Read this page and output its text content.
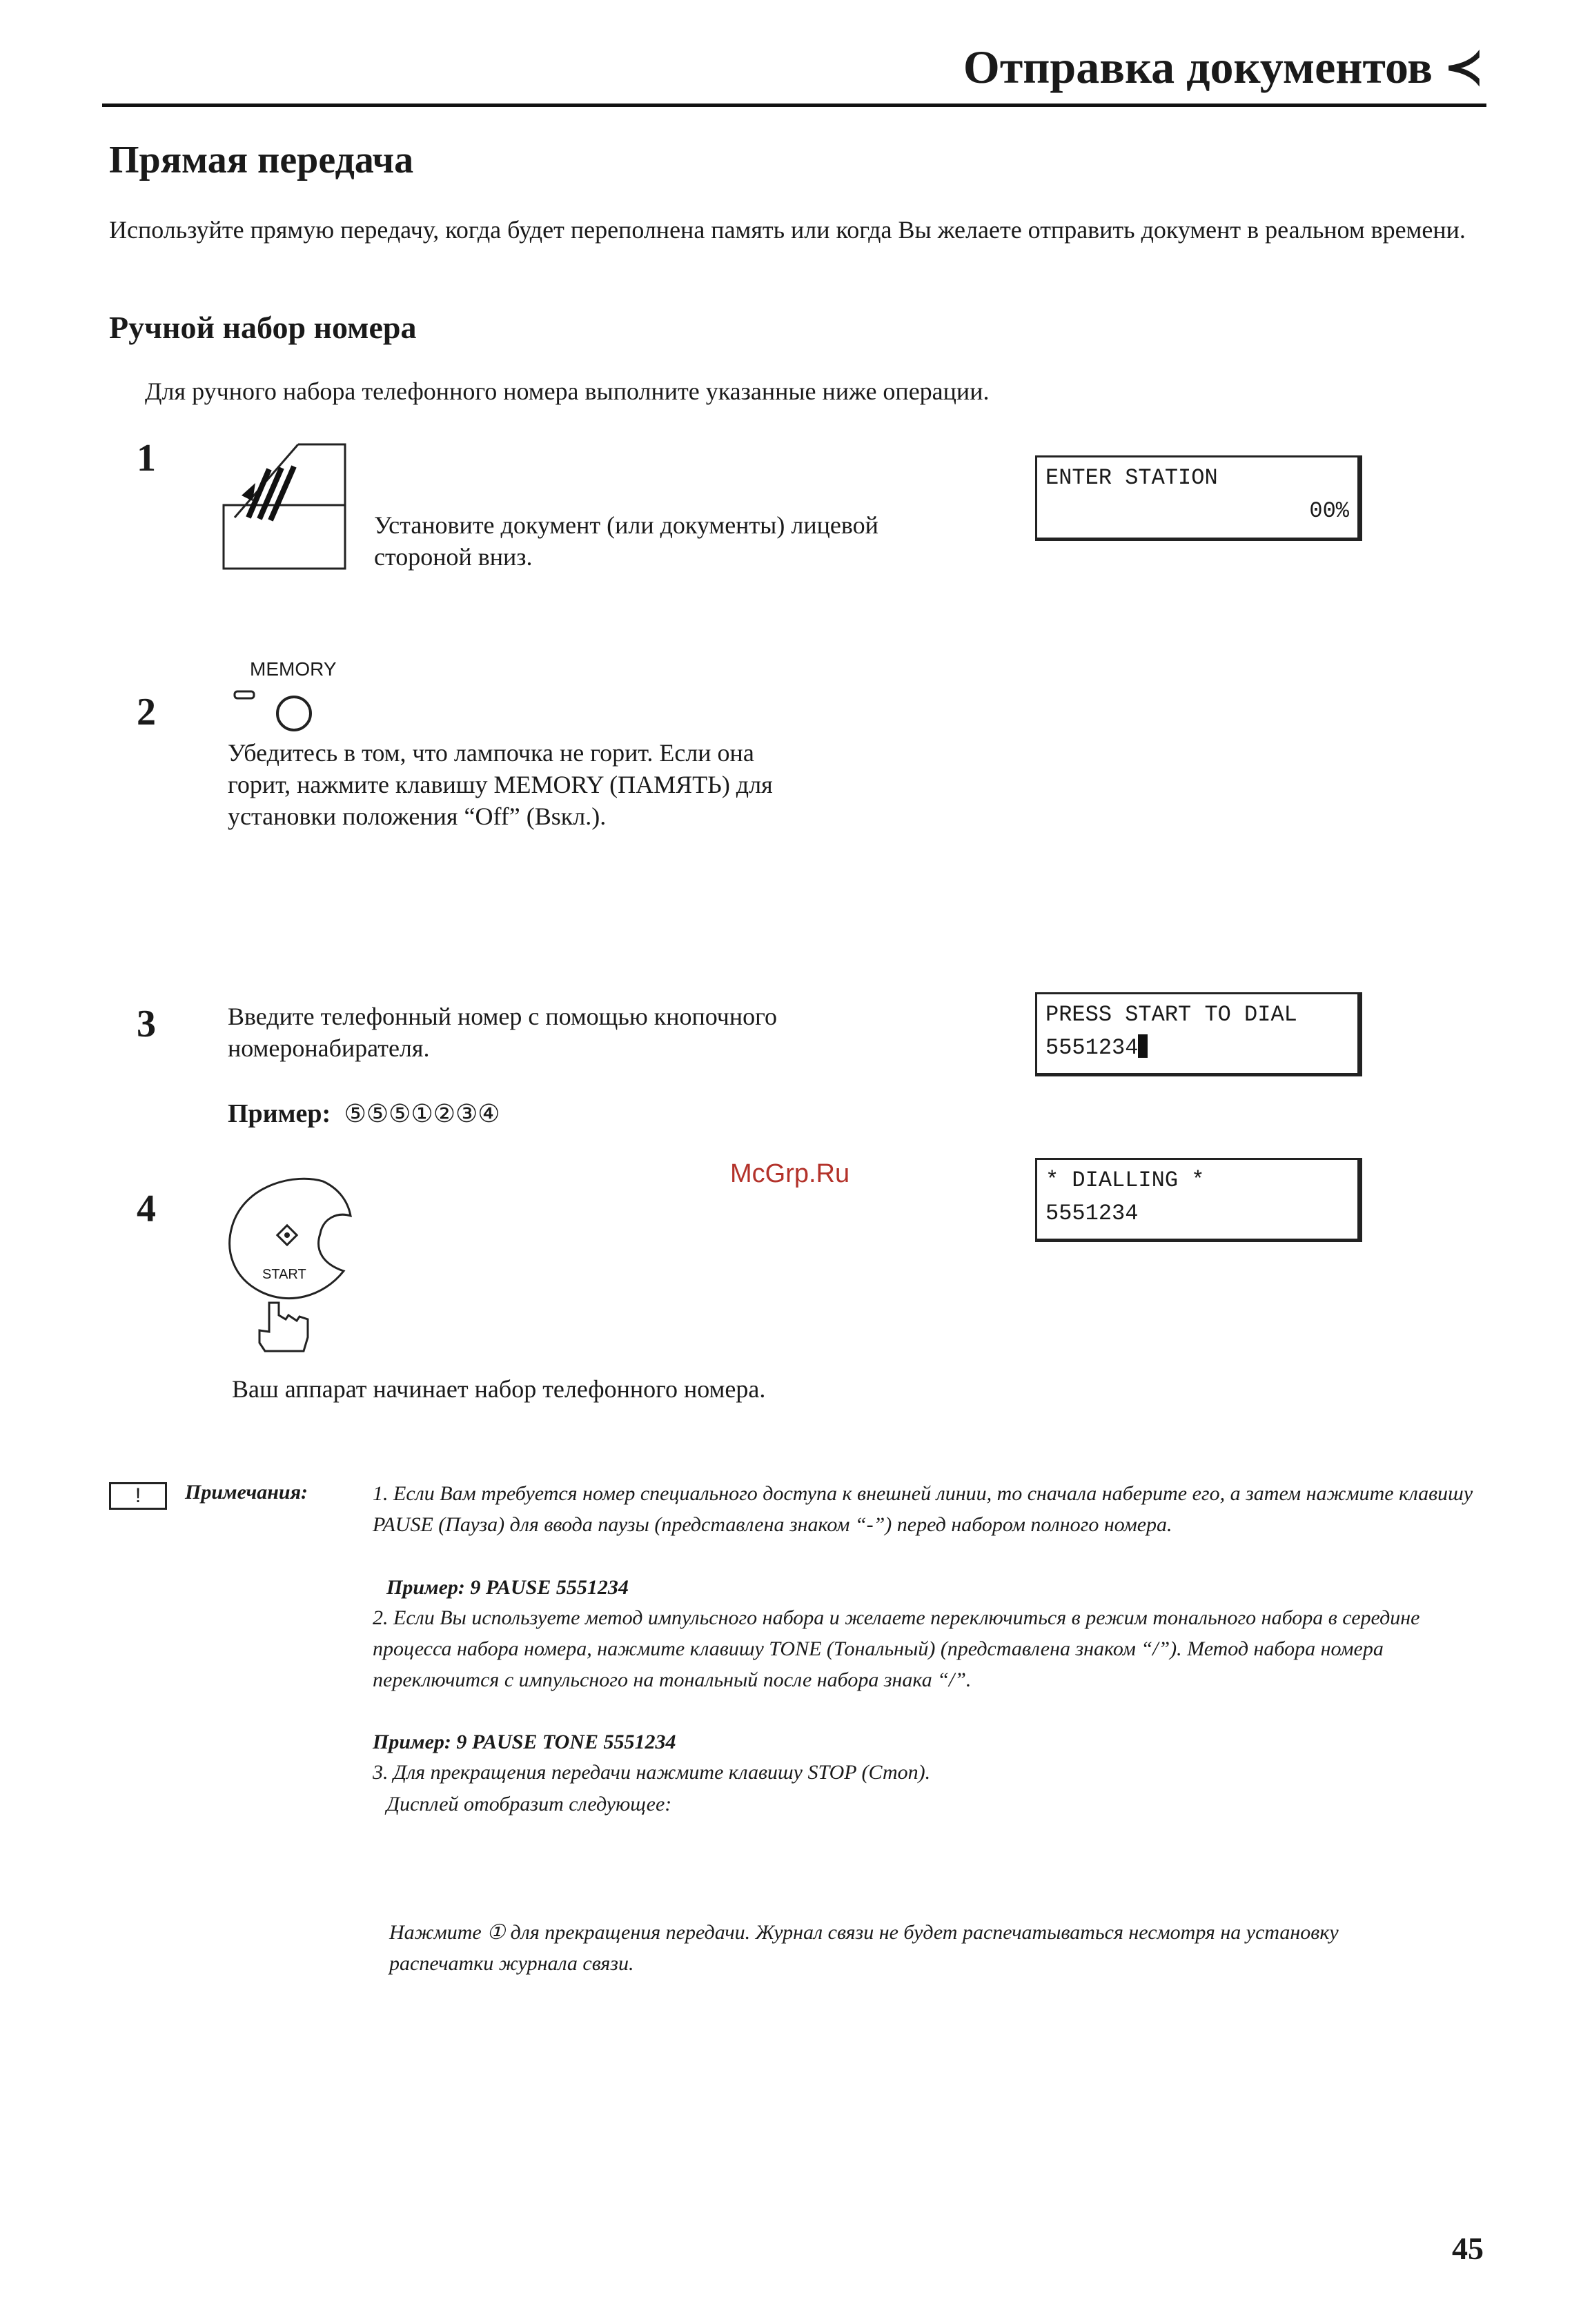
Отправка документов ≺
Прямая передача

Используйте прямую передачу, когда будет переполнена память или когда Вы желаете отправить документ в реальном времени.

Ручной набор номера

Для ручного набора телефонного номера выполните указанные ниже операции.

1

Установите документ (или документы) лицевой стороной вниз.

ENTER STATION
00%
MEMORY
2

Убедитесь в том, что лампочка не горит. Если она горит, нажмите клавишу MEMORY (ПАМЯТЬ) для установки положения “Off” (Bsкл.).

3	Введите телефонный номер с помощью кнопочного номеронабирателя.

Пример: ⑤⑤⑤①②③④
PRESS START TO DIAL
5551234
McGrp.Ru
4
START

Ваш аппарат начинает набор телефонного номера.

* DIALLING *
5551234
!	Примечания:	1. Если Вам требуется номер специального доступа к внешней линии, то сначала наберите его, а затем нажмите клавишу PAUSE (Пауза) для ввода паузы (представлена знаком “-”) перед набором полного номера.

Пример: 9 PAUSE 5551234

2. Если Вы используете метод импульсного набора и желаете переключиться в режим тонального набора в середине процесса набора номера, нажмите клавишу TONE (Тональный) (представлена знаком “/”). Метод набора номера переключится с импульсного на тональный после набора знака “/”.

Пример: 9 PAUSE TONE 5551234

3. Для прекращения передачи нажмите клавишу STOP (Стоп).

Дисплей отобразит следующее:

Нажмите ① для прекращения передачи. Журнал связи не будет распечатываться несмотря на установку распечатки журнала связи.

45
